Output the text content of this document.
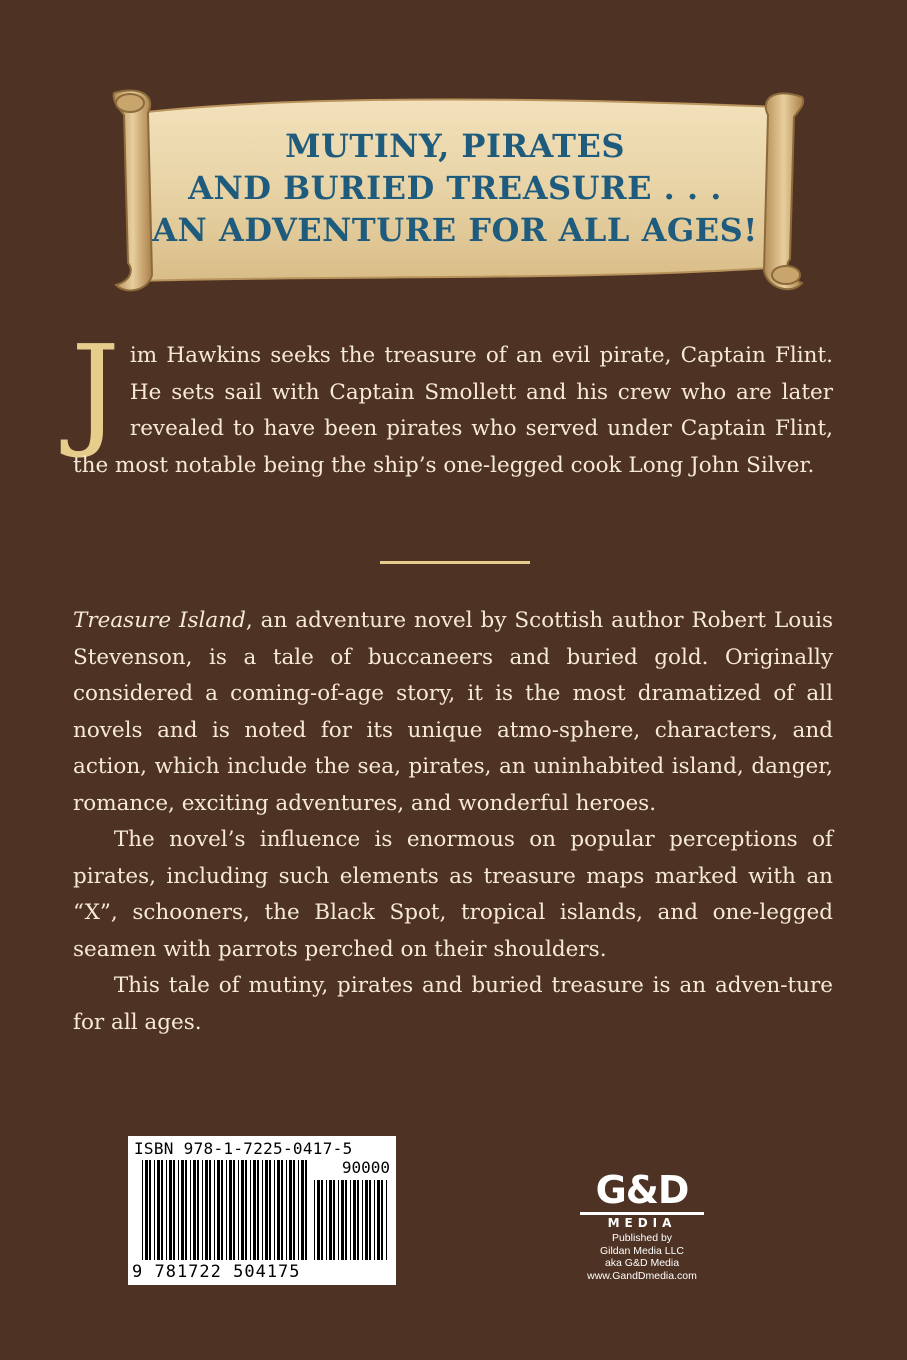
MUTINY, PIRATES
AND BURIED TREASURE . . .
AN ADVENTURE FOR ALL AGES!
J im Hawkins seeks the treasure of an evil pirate, Captain Flint. He sets sail with Captain Smollett and his crew who are later revealed to have been pirates who served under Captain Flint, the most notable being the ship’s one-legged cook Long John Silver.

Treasure Island, an adventure novel by Scottish author Robert Louis Stevenson, is a tale of buccaneers and buried gold. Originally considered a coming-of-age story, it is the most dramatized of all novels and is noted for its unique atmo-sphere, characters, and action, which include the sea, pirates, an uninhabited island, danger, romance, exciting adventures, and wonderful heroes.

The novel’s influence is enormous on popular perceptions of pirates, including such elements as treasure maps marked with an “X”, schooners, the Black Spot, tropical islands, and one-legged seamen with parrots perched on their shoulders.

This tale of mutiny, pirates and buried treasure is an adven-ture for all ages.

ISBN 978-1-7225-0417-5
90000
9 781722 504175
G&D
MEDIA
Published by
Gildan Media LLC
aka G&D Media
www.GandDmedia.com
